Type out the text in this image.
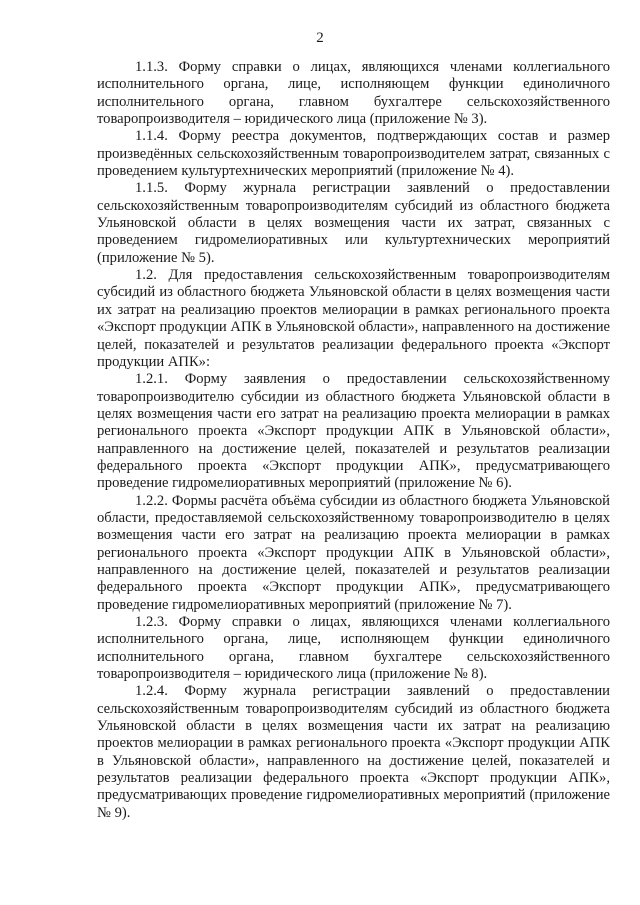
2

1.1.3. Форму справки о лицах, являющихся членами коллегиального исполнительного органа, лице, исполняющем функции единоличного исполнительного органа, главном бухгалтере сельскохозяйственного товаропроизводителя – юридического лица (приложение № 3).

1.1.4. Форму реестра документов, подтверждающих состав и размер произведённых сельскохозяйственным товаропроизводителем затрат, связанных с проведением культуртехнических мероприятий (приложение № 4).

1.1.5. Форму журнала регистрации заявлений о предоставлении сельскохозяйственным товаропроизводителям субсидий из областного бюджета Ульяновской области в целях возмещения части их затрат, связанных с проведением гидромелиоративных или культуртехнических мероприятий (приложение № 5).

1.2. Для предоставления сельскохозяйственным товаропроизводителям субсидий из областного бюджета Ульяновской области в целях возмещения части их затрат на реализацию проектов мелиорации в рамках регионального проекта «Экспорт продукции АПК в Ульяновской области», направленного на достижение целей, показателей и результатов реализации федерального проекта «Экспорт продукции АПК»:

1.2.1. Форму заявления о предоставлении сельскохозяйственному товаропроизводителю субсидии из областного бюджета Ульяновской области в целях возмещения части его затрат на реализацию проекта мелиорации в рамках регионального проекта «Экспорт продукции АПК в Ульяновской области», направленного на достижение целей, показателей и результатов реализации федерального проекта «Экспорт продукции АПК», предусматривающего проведение гидромелиоративных мероприятий (приложение № 6).

1.2.2. Формы расчёта объёма субсидии из областного бюджета Ульяновской области, предоставляемой сельскохозяйственному товаропроизводителю в целях возмещения части его затрат на реализацию проекта мелиорации в рамках регионального проекта «Экспорт продукции АПК в Ульяновской области», направленного на достижение целей, показателей и результатов реализации федерального проекта «Экспорт продукции АПК», предусматривающего проведение гидромелиоративных мероприятий (приложение № 7).

1.2.3. Форму справки о лицах, являющихся членами коллегиального исполнительного органа, лице, исполняющем функции единоличного исполнительного органа, главном бухгалтере сельскохозяйственного товаропроизводителя – юридического лица (приложение № 8).

1.2.4. Форму журнала регистрации заявлений о предоставлении сельскохозяйственным товаропроизводителям субсидий из областного бюджета Ульяновской области в целях возмещения части их затрат на реализацию проектов мелиорации в рамках регионального проекта «Экспорт продукции АПК в Ульяновской области», направленного на достижение целей, показателей и результатов реализации федерального проекта «Экспорт продукции АПК», предусматривающих проведение гидромелиоративных мероприятий (приложение № 9).
